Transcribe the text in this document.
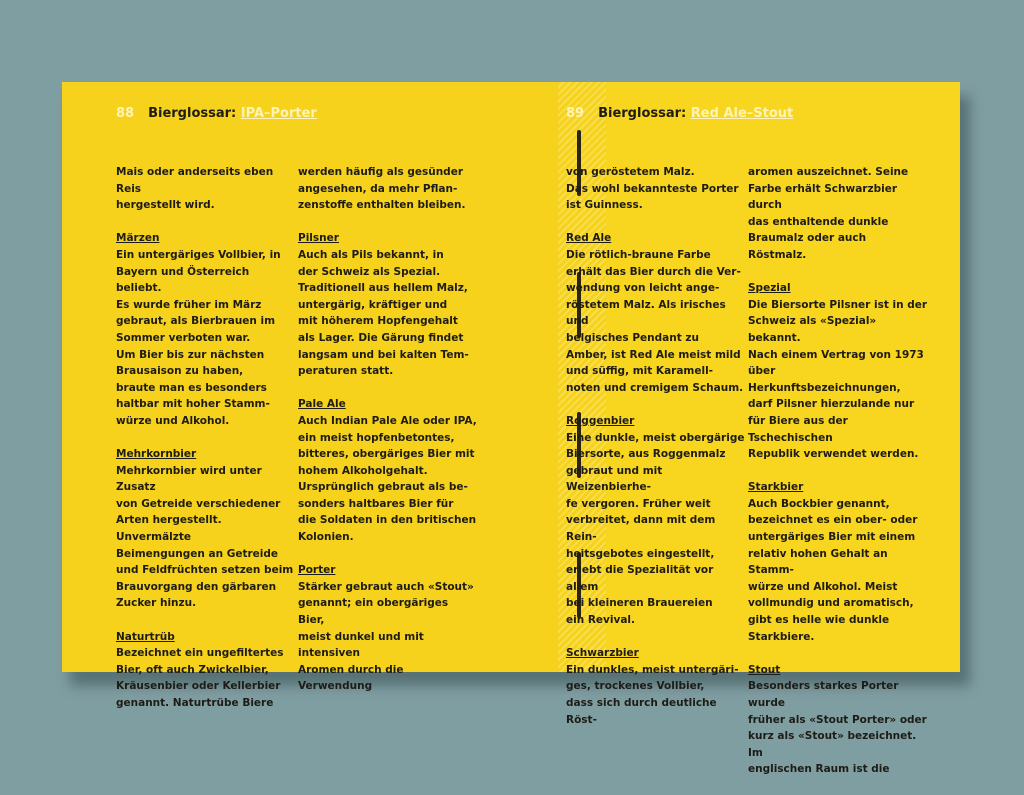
88 Bierglossar: IPA–Porter

Mais oder anderseits eben Reis
hergestellt wird.

Märzen

Ein untergäriges Vollbier, in
Bayern und Österreich beliebt.
Es wurde früher im März
gebraut, als Bierbrauen im
Sommer verboten war.
Um Bier bis zur nächsten
Brausaison zu haben,
braute man es besonders
haltbar mit hoher Stamm-
würze und Alkohol.

Mehrkornbier

Mehrkornbier wird unter Zusatz
von Getreide verschiedener
Arten hergestellt. Unvermälzte
Beimengungen an Getreide
und Feldfrüchten setzen beim
Brauvorgang den gärbaren
Zucker hinzu.

Naturtrüb

Bezeichnet ein ungefiltertes
Bier, oft auch Zwickelbier,
Kräusenbier oder Kellerbier
genannt. Naturtrübe Biere

werden häufig als gesünder
angesehen, da mehr Pflan-
zenstoffe enthalten bleiben.

Pilsner

Auch als Pils bekannt, in
der Schweiz als Spezial.
Traditionell aus hellem Malz,
untergärig, kräftiger und
mit höherem Hopfengehalt
als Lager. Die Gärung findet
langsam und bei kalten Tem-
peraturen statt.

Pale Ale

Auch Indian Pale Ale oder IPA,
ein meist hopfenbetontes,
bitteres, obergäriges Bier mit
hohem Alkoholgehalt.
Ursprünglich gebraut als be-
sonders haltbares Bier für
die Soldaten in den britischen
Kolonien.

Porter

Stärker gebraut auch «Stout»
genannt; ein obergäriges Bier,
meist dunkel und mit intensiven
Aromen durch die Verwendung

89 Bierglossar: Red Ale–Stout

von geröstetem Malz.
Das wohl bekannteste Porter
ist Guinness.

Red Ale

Die rötlich-braune Farbe
erhält das Bier durch die Ver-
wendung von leicht ange-
röstetem Malz. Als irisches und
belgisches Pendant zu
Amber, ist Red Ale meist mild
und süffig, mit Karamell-
noten und cremigem Schaum.

Roggenbier

Eine dunkle, meist obergärige
Biersorte, aus Roggenmalz
gebraut und mit Weizenbierhe-
fe vergoren. Früher weit
verbreitet, dann mit dem Rein-
heitsgebotes eingestellt,
erlebt die Spezialität vor allem
bei kleineren Brauereien
ein Revival.

Schwarzbier

Ein dunkles, meist untergäri-
ges, trockenes Vollbier,
dass sich durch deutliche Röst-

aromen auszeichnet. Seine
Farbe erhält Schwarzbier durch
das enthaltende dunkle
Braumalz oder auch Röstmalz.

Spezial

Die Biersorte Pilsner ist in der
Schweiz als «Spezial» bekannt.
Nach einem Vertrag von 1973
über Herkunftsbezeichnungen,
darf Pilsner hierzulande nur
für Biere aus der Tschechischen
Republik verwendet werden.

Starkbier

Auch Bockbier genannt,
bezeichnet es ein ober- oder
untergäriges Bier mit einem
relativ hohen Gehalt an Stamm-
würze und Alkohol. Meist
vollmundig und aromatisch,
gibt es helle wie dunkle
Starkbiere.

Stout

Besonders starkes Porter wurde
früher als «Stout Porter» oder
kurz als «Stout» bezeichnet. Im
englischen Raum ist die
